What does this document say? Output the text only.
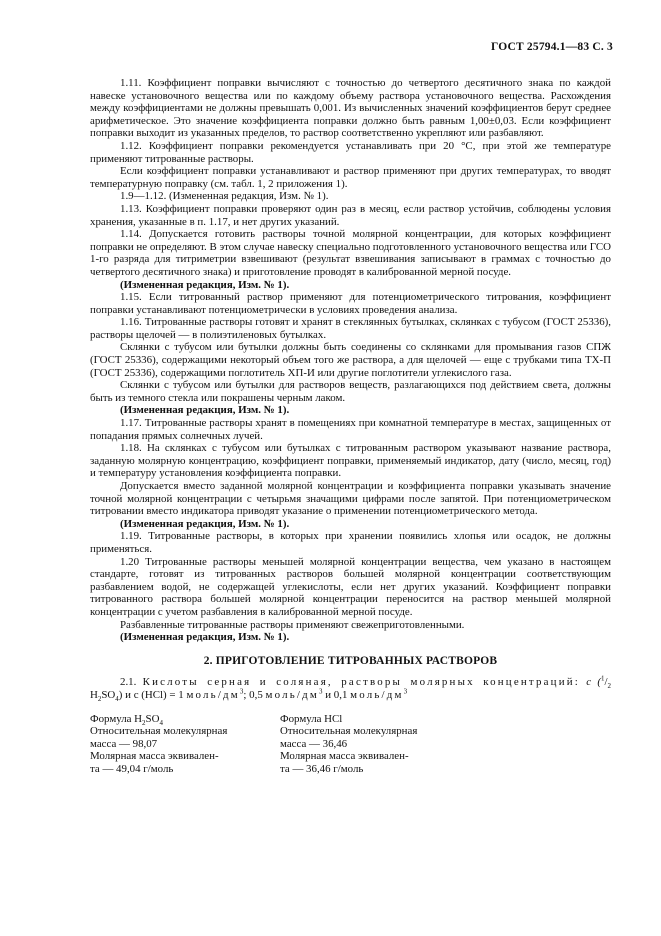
ГОСТ 25794.1—83 С. 3

1.11. Коэффициент поправки вычисляют с точностью до четвертого десятичного знака по каждой навеске установочного вещества или по каждому объему раствора установочного вещества. Расхождения между коэффициентами не должны превышать 0,001. Из вычисленных значений коэффициентов берут среднее арифметическое. Это значение коэффициента поправки должно быть равным 1,00±0,03. Если коэффициент поправки выходит из указанных пределов, то раствор соответственно укрепляют или разбавляют.

1.12. Коэффициент поправки рекомендуется устанавливать при 20 °С, при этой же температуре применяют титрованные растворы.

Если коэффициент поправки устанавливают и раствор применяют при других температурах, то вводят температурную поправку (см. табл. 1, 2 приложения 1).

1.9—1.12. (Измененная редакция, Изм. № 1).

1.13. Коэффициент поправки проверяют один раз в месяц, если раствор устойчив, соблюдены условия хранения, указанные в п. 1.17, и нет других указаний.

1.14. Допускается готовить растворы точной молярной концентрации, для которых коэффициент поправки не определяют. В этом случае навеску специально подготовленного установочного вещества или ГСО 1-го разряда для титриметрии взвешивают (результат взвешивания записывают в граммах с точностью до четвертого десятичного знака) и приготовление проводят в калиброванной мерной посуде.

(Измененная редакция, Изм. № 1).

1.15. Если титрованный раствор применяют для потенциометрического титрования, коэффициент поправки устанавливают потенциометрически в условиях проведения анализа.

1.16. Титрованные растворы готовят и хранят в стеклянных бутылках, склянках с тубусом (ГОСТ 25336), растворы щелочей — в полиэтиленовых бутылках.

Склянки с тубусом или бутылки должны быть соединены со склянками для промывания газов СПЖ (ГОСТ 25336), содержащими некоторый объем того же раствора, а для щелочей — еще с трубками типа ТХ-П (ГОСТ 25336), содержащими поглотитель ХП-И или другие поглотители углекислого газа.

Склянки с тубусом или бутылки для растворов веществ, разлагающихся под действием света, должны быть из темного стекла или покрашены черным лаком.

(Измененная редакция, Изм. № 1).

1.17. Титрованные растворы хранят в помещениях при комнатной температуре в местах, защищенных от попадания прямых солнечных лучей.

1.18. На склянках с тубусом или бутылках с титрованным раствором указывают название раствора, заданную молярную концентрацию, коэффициент поправки, применяемый индикатор, дату (число, месяц, год) и температуру установления коэффициента поправки.

Допускается вместо заданной молярной концентрации и коэффициента поправки указывать значение точной молярной концентрации с четырьмя значащими цифрами после запятой. При потенциометрическом титровании вместо индикатора приводят указание о применении потенциометрического метода.

(Измененная редакция, Изм. № 1).

1.19. Титрованные растворы, в которых при хранении появились хлопья или осадок, не должны применяться.

1.20 Титрованные растворы меньшей молярной концентрации вещества, чем указано в настоящем стандарте, готовят из титрованных растворов большей молярной концентрации соответствующим разбавлением водой, не содержащей углекислоты, если нет других указаний. Коэффициент поправки титрованного раствора большей молярной концентрации переносится на раствор меньшей молярной концентрации с учетом разбавления в калиброванной мерной посуде.

Разбавленные титрованные растворы применяют свежеприготовленными.

(Измененная редакция, Изм. № 1).

2. ПРИГОТОВЛЕНИЕ ТИТРОВАННЫХ РАСТВОРОВ

2.1. Кислоты серная и соляная, растворы молярных концентраций: с ($^1/_2$ $H_2SO_4$) и с (НСl) = 1 моль/$дм^3$; 0,5 моль/$дм^3$ и 0,1 моль/$дм^3$

Формула $H_2SO_4$
Относительная молекулярная
масса — 98,07
Молярная масса эквивален-
та — 49,04 г/моль
Формула HCl
Относительная молекулярная
масса — 36,46
Молярная масса эквивален-
та — 36,46 г/моль
